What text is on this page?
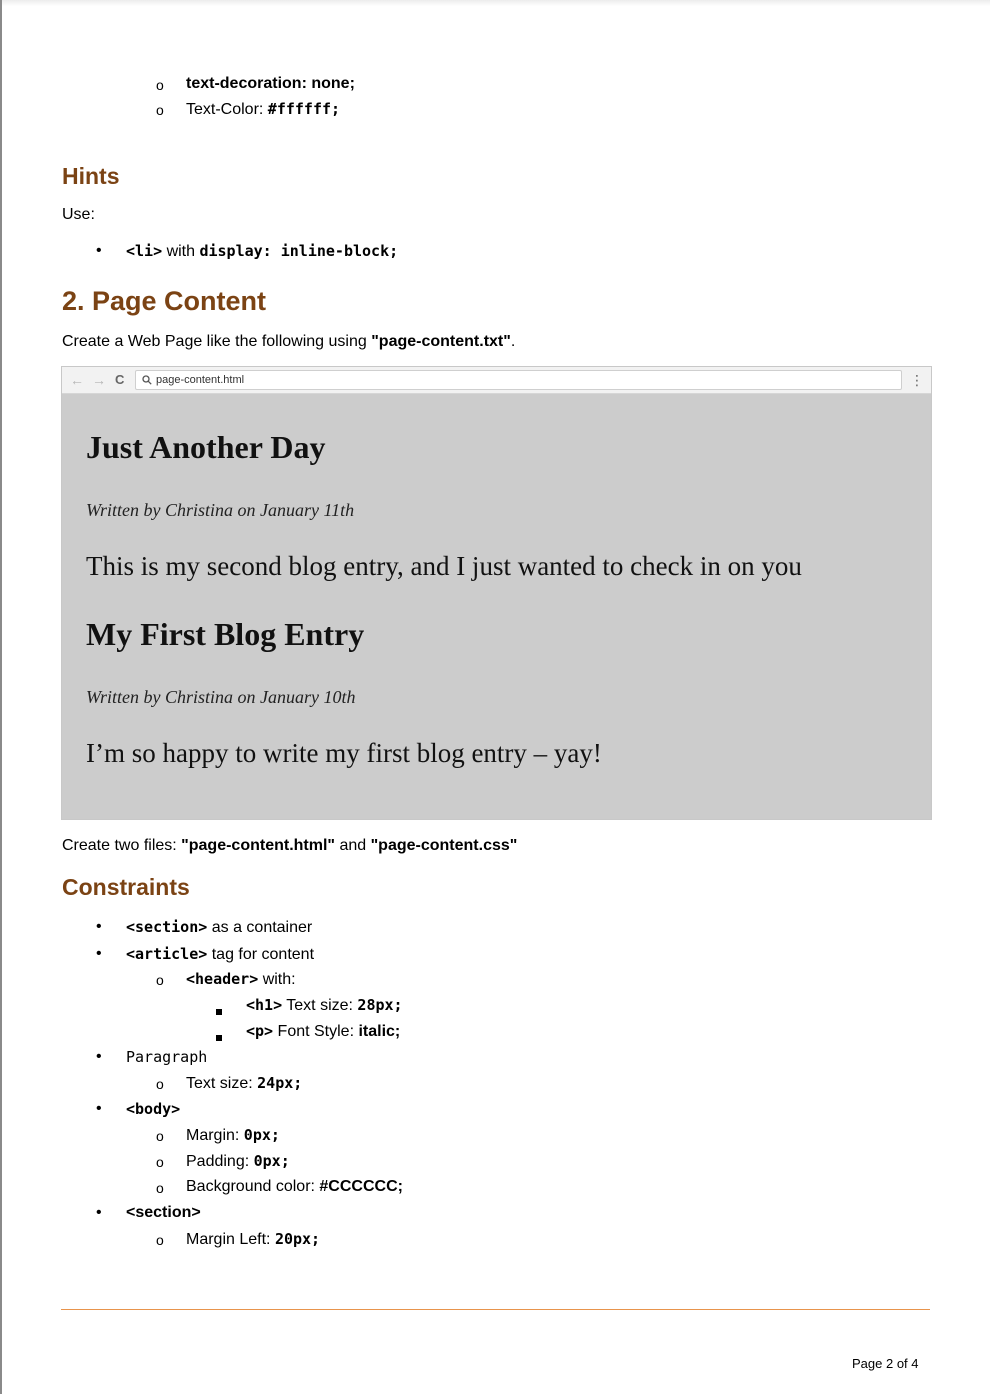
o text-decoration: none;
o Text-Color: #ffffff;
Hints
Use:
• <li> with display: inline-block;
2. Page Content
Create a Web Page like the following using "page-content.txt".
← → C	page-content.html	⋮
Just Another Day
Written by Christina on January 11th
This is my second blog entry, and I just wanted to check in on you
My First Blog Entry
Written by Christina on January 10th
I’m so happy to write my first blog entry – yay!
Create two files: "page-content.html" and "page-content.css"
Constraints
• <section> as a container
• <article> tag for content
o <header> with:
<h1> Text size: 28px;
<p> Font Style: italic;
• Paragraph
o Text size: 24px;
• <body>
o Margin: 0px;
o Padding: 0px;
o Background color: #CCCCCC;
• <section>
o Margin Left: 20px;
Page 2 of 4
